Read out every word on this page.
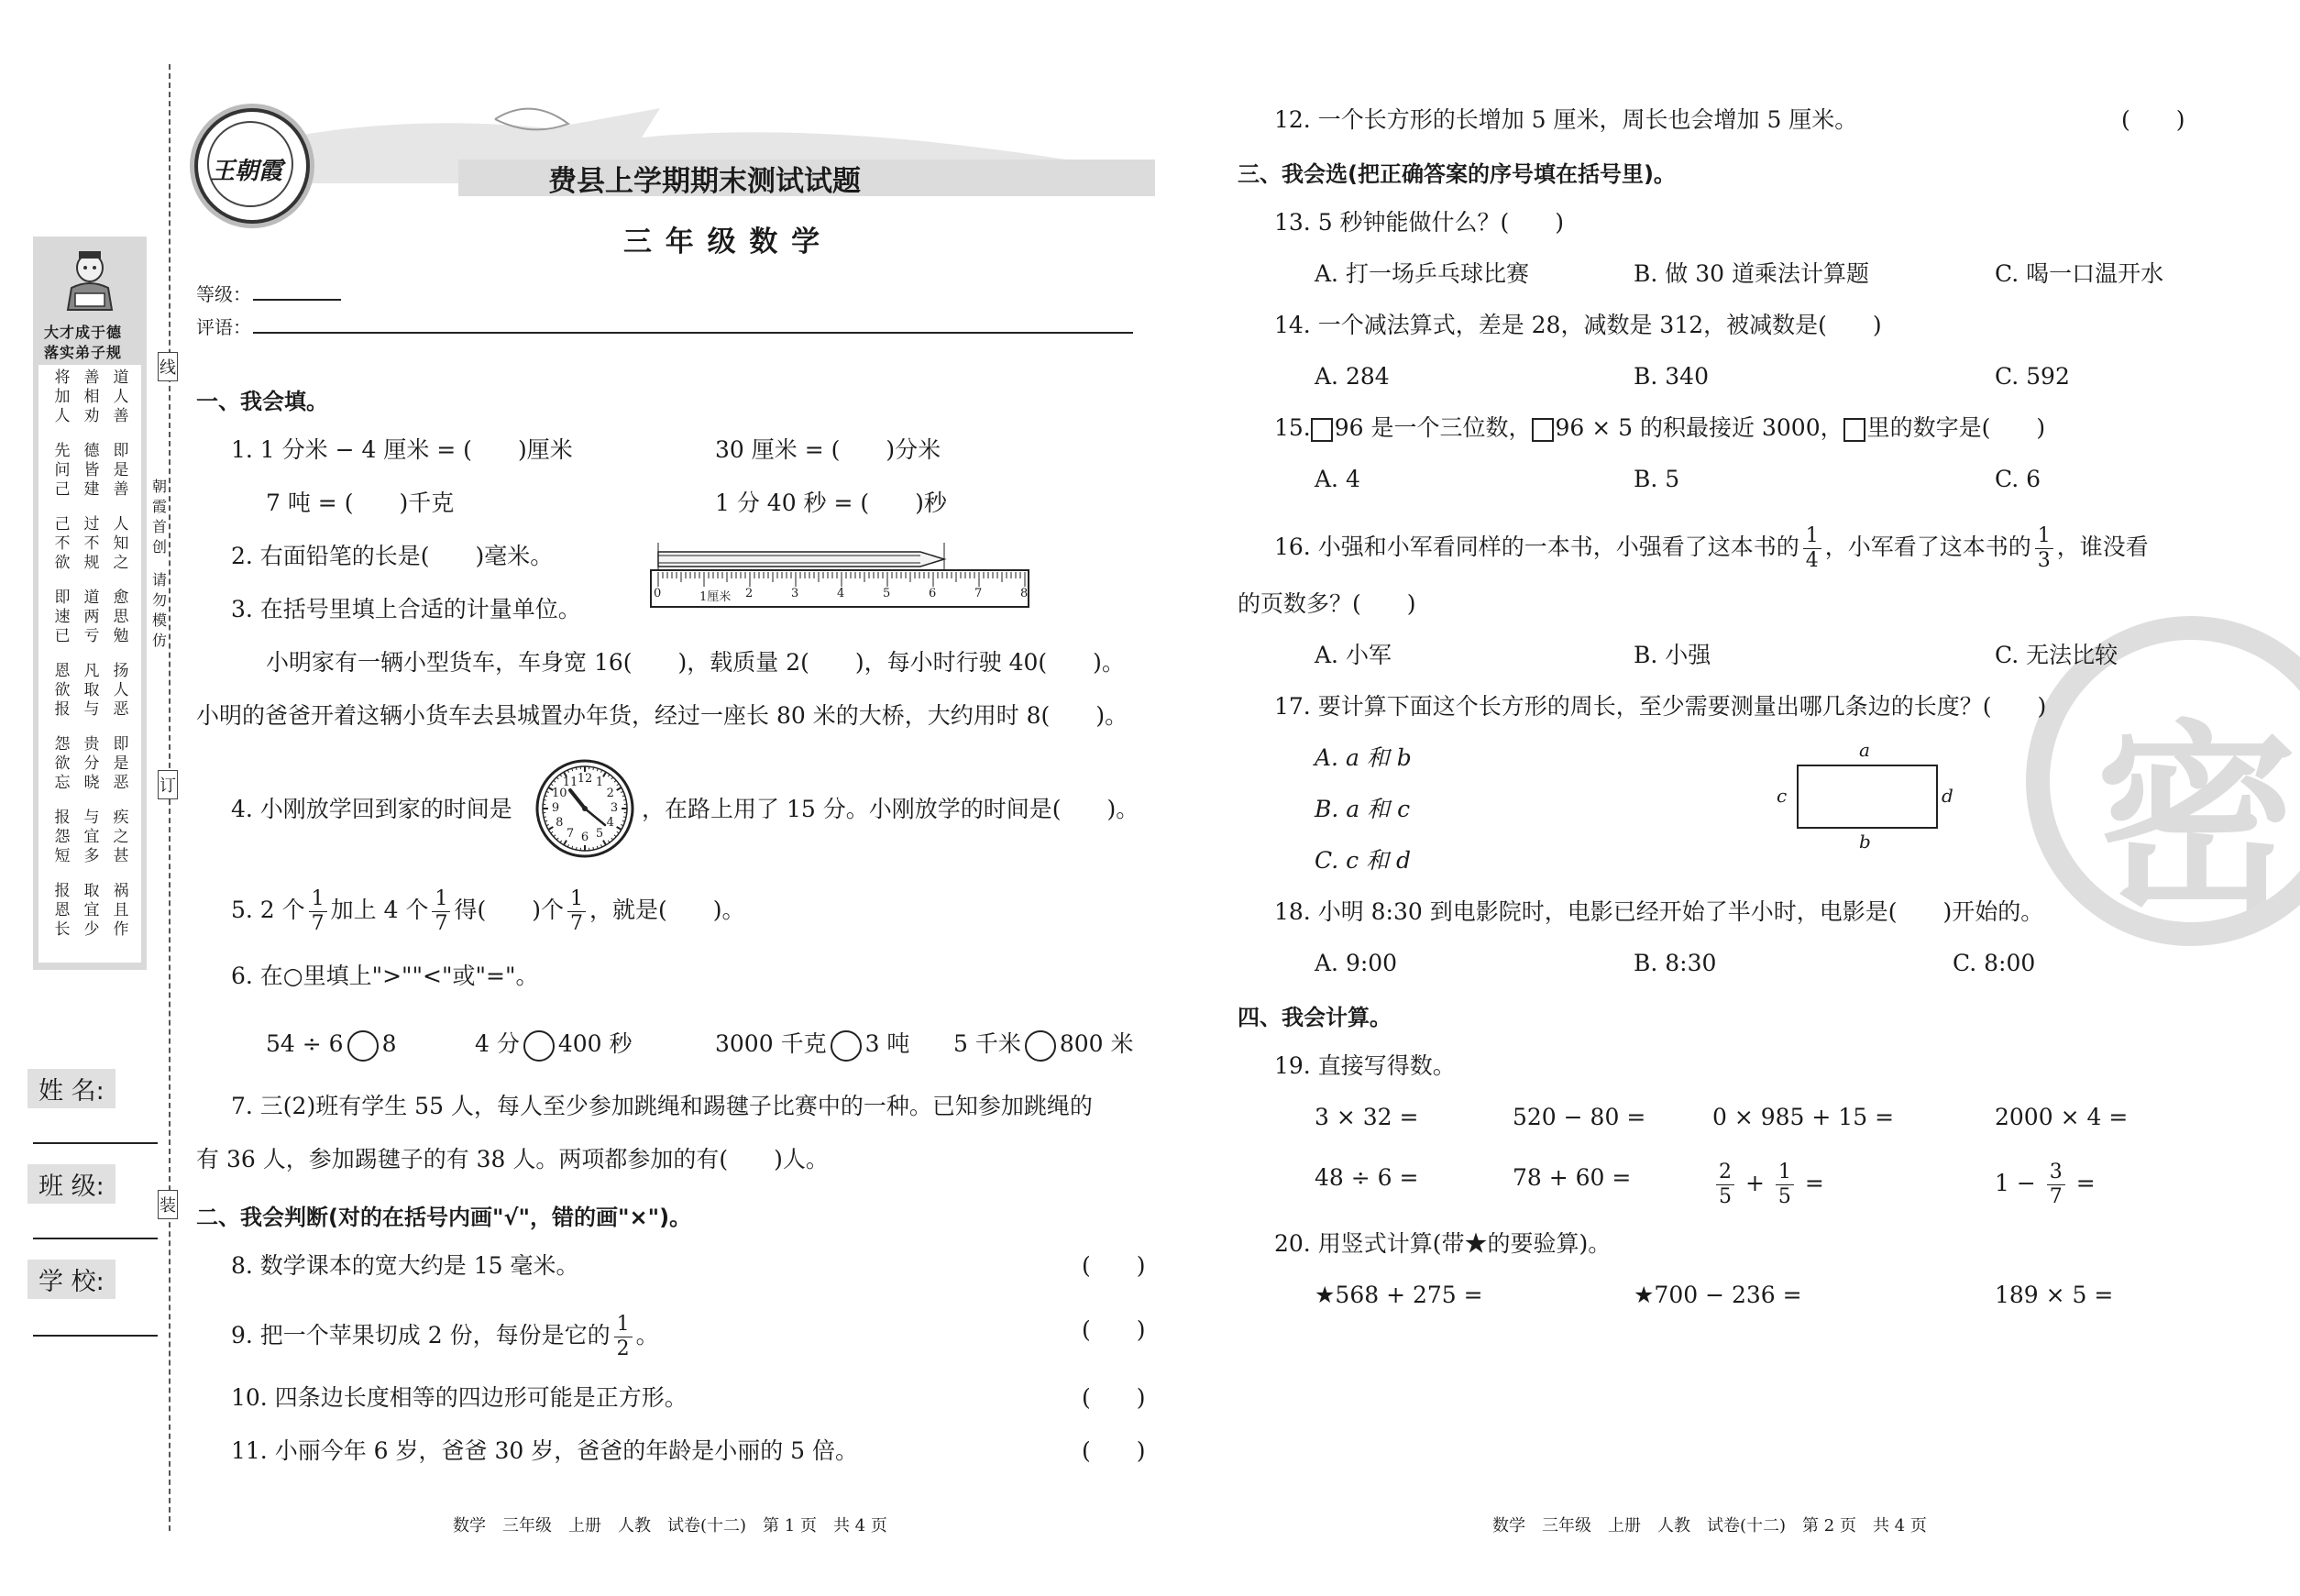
线
订
装
朝霞首创
请勿模仿
大才成于德
落实弟子规
将加人
善相劝
道人善
先问己
德皆建
即是善
己不欲
过不规
人知之
即速已
道两亏
愈思勉
恩欲报
凡取与
扬人恶
怨欲忘
贵分晓
即是恶
报怨短
与宜多
疾之甚
报恩长
取宜少
祸且作
姓 名:
班 级:
学 校:
王朝霞	费县上学期期末测试试题
三 年 级 数 学
等级：
评语：
一、我会填。
1. 1 分米 − 4 厘米 = (　　)厘米	30 厘米 = (　　)分米
7 吨 = (　　)千克	1 分 40 秒 = (　　)秒
2. 右面铅笔的长是(　　)毫米。
0	1厘米 2	3	4	5	6	7	8
3. 在括号里填上合适的计量单位。
小明家有一辆小型货车，车身宽 16(　　)，载质量 2(　　)，每小时行驶 40(　　)。
小明的爸爸开着这辆小货车去县城置办年货，经过一座长 80 米的大桥，大约用时 8(　　)。
4. 小刚放学回到家的时间是
12 1
2
3
4
5
6
7
8
9
10
11
，在路上用了 15 分。小刚放学的时间是(　　)。
5. 2 个 $\frac{1}{7}$ 加上 4 个 $\frac{1}{7}$ 得(　　)个 $\frac{1}{7}$ ，就是(　　)。
6. 在○里填上">""<"或"="。
54 ÷ 6 8	4 分 400 秒	3000 千克 3 吨 5 千米 800 米
7. 三(2)班有学生 55 人，每人至少参加跳绳和踢毽子比赛中的一种。已知参加跳绳的
有 36 人，参加踢毽子的有 38 人。两项都参加的有(　　)人。
二、我会判断(对的在括号内画"√"，错的画"×")。
8. 数学课本的宽大约是 15 毫米。	(　　)
9. 把一个苹果切成 2 份，每份是它的 $\frac{1}{2}$ 。	(　　)
10. 四条边长度相等的四边形可能是正方形。	(　　)
11. 小丽今年 6 岁，爸爸 30 岁，爸爸的年龄是小丽的 5 倍。	(　　)
数学　三年级　上册　人教　试卷(十二)　第 1 页　共 4 页
密
12. 一个长方形的长增加 5 厘米，周长也会增加 5 厘米。	(　　)
三、我会选(把正确答案的序号填在括号里)。
13. 5 秒钟能做什么？(　　)
A. 打一场乒乓球比赛	B. 做 30 道乘法计算题	C. 喝一口温开水
14. 一个减法算式，差是 28，减数是 312，被减数是(　　)
A. 284	B. 340	C. 592
15. 96 是一个三位数， 96 × 5 的积最接近 3000， 里的数字是(　　)
A. 4	B. 5	C. 6
16. 小强和小军看同样的一本书，小强看了这本书的 $\frac{1}{4}$ ，小军看了这本书的 $\frac{1}{3}$ ，谁没看
的页数多？(　　)
A. 小军	B. 小强	C. 无法比较
17. 要计算下面这个长方形的周长，至少需要测量出哪几条边的长度？(　　)
A. a 和 b
B. a 和 c
C. c 和 d
a
b
c	d
18. 小明 8:30 到电影院时，电影已经开始了半小时，电影是(　　)开始的。
A. 9:00	B. 8:30	C. 8:00
四、我会计算。
19. 直接写得数。
3 × 32 =	520 − 80 =	0 × 985 + 15 =	2000 × 4 =
48 ÷ 6 =	78 + 60 =	$\frac{2}{5} + \frac{1}{5}$ =	$1 - \frac{3}{7}$ =
20. 用竖式计算(带★的要验算)。
★568 + 275 =	★700 − 236 =	189 × 5 =
数学　三年级　上册　人教　试卷(十二)　第 2 页　共 4 页
